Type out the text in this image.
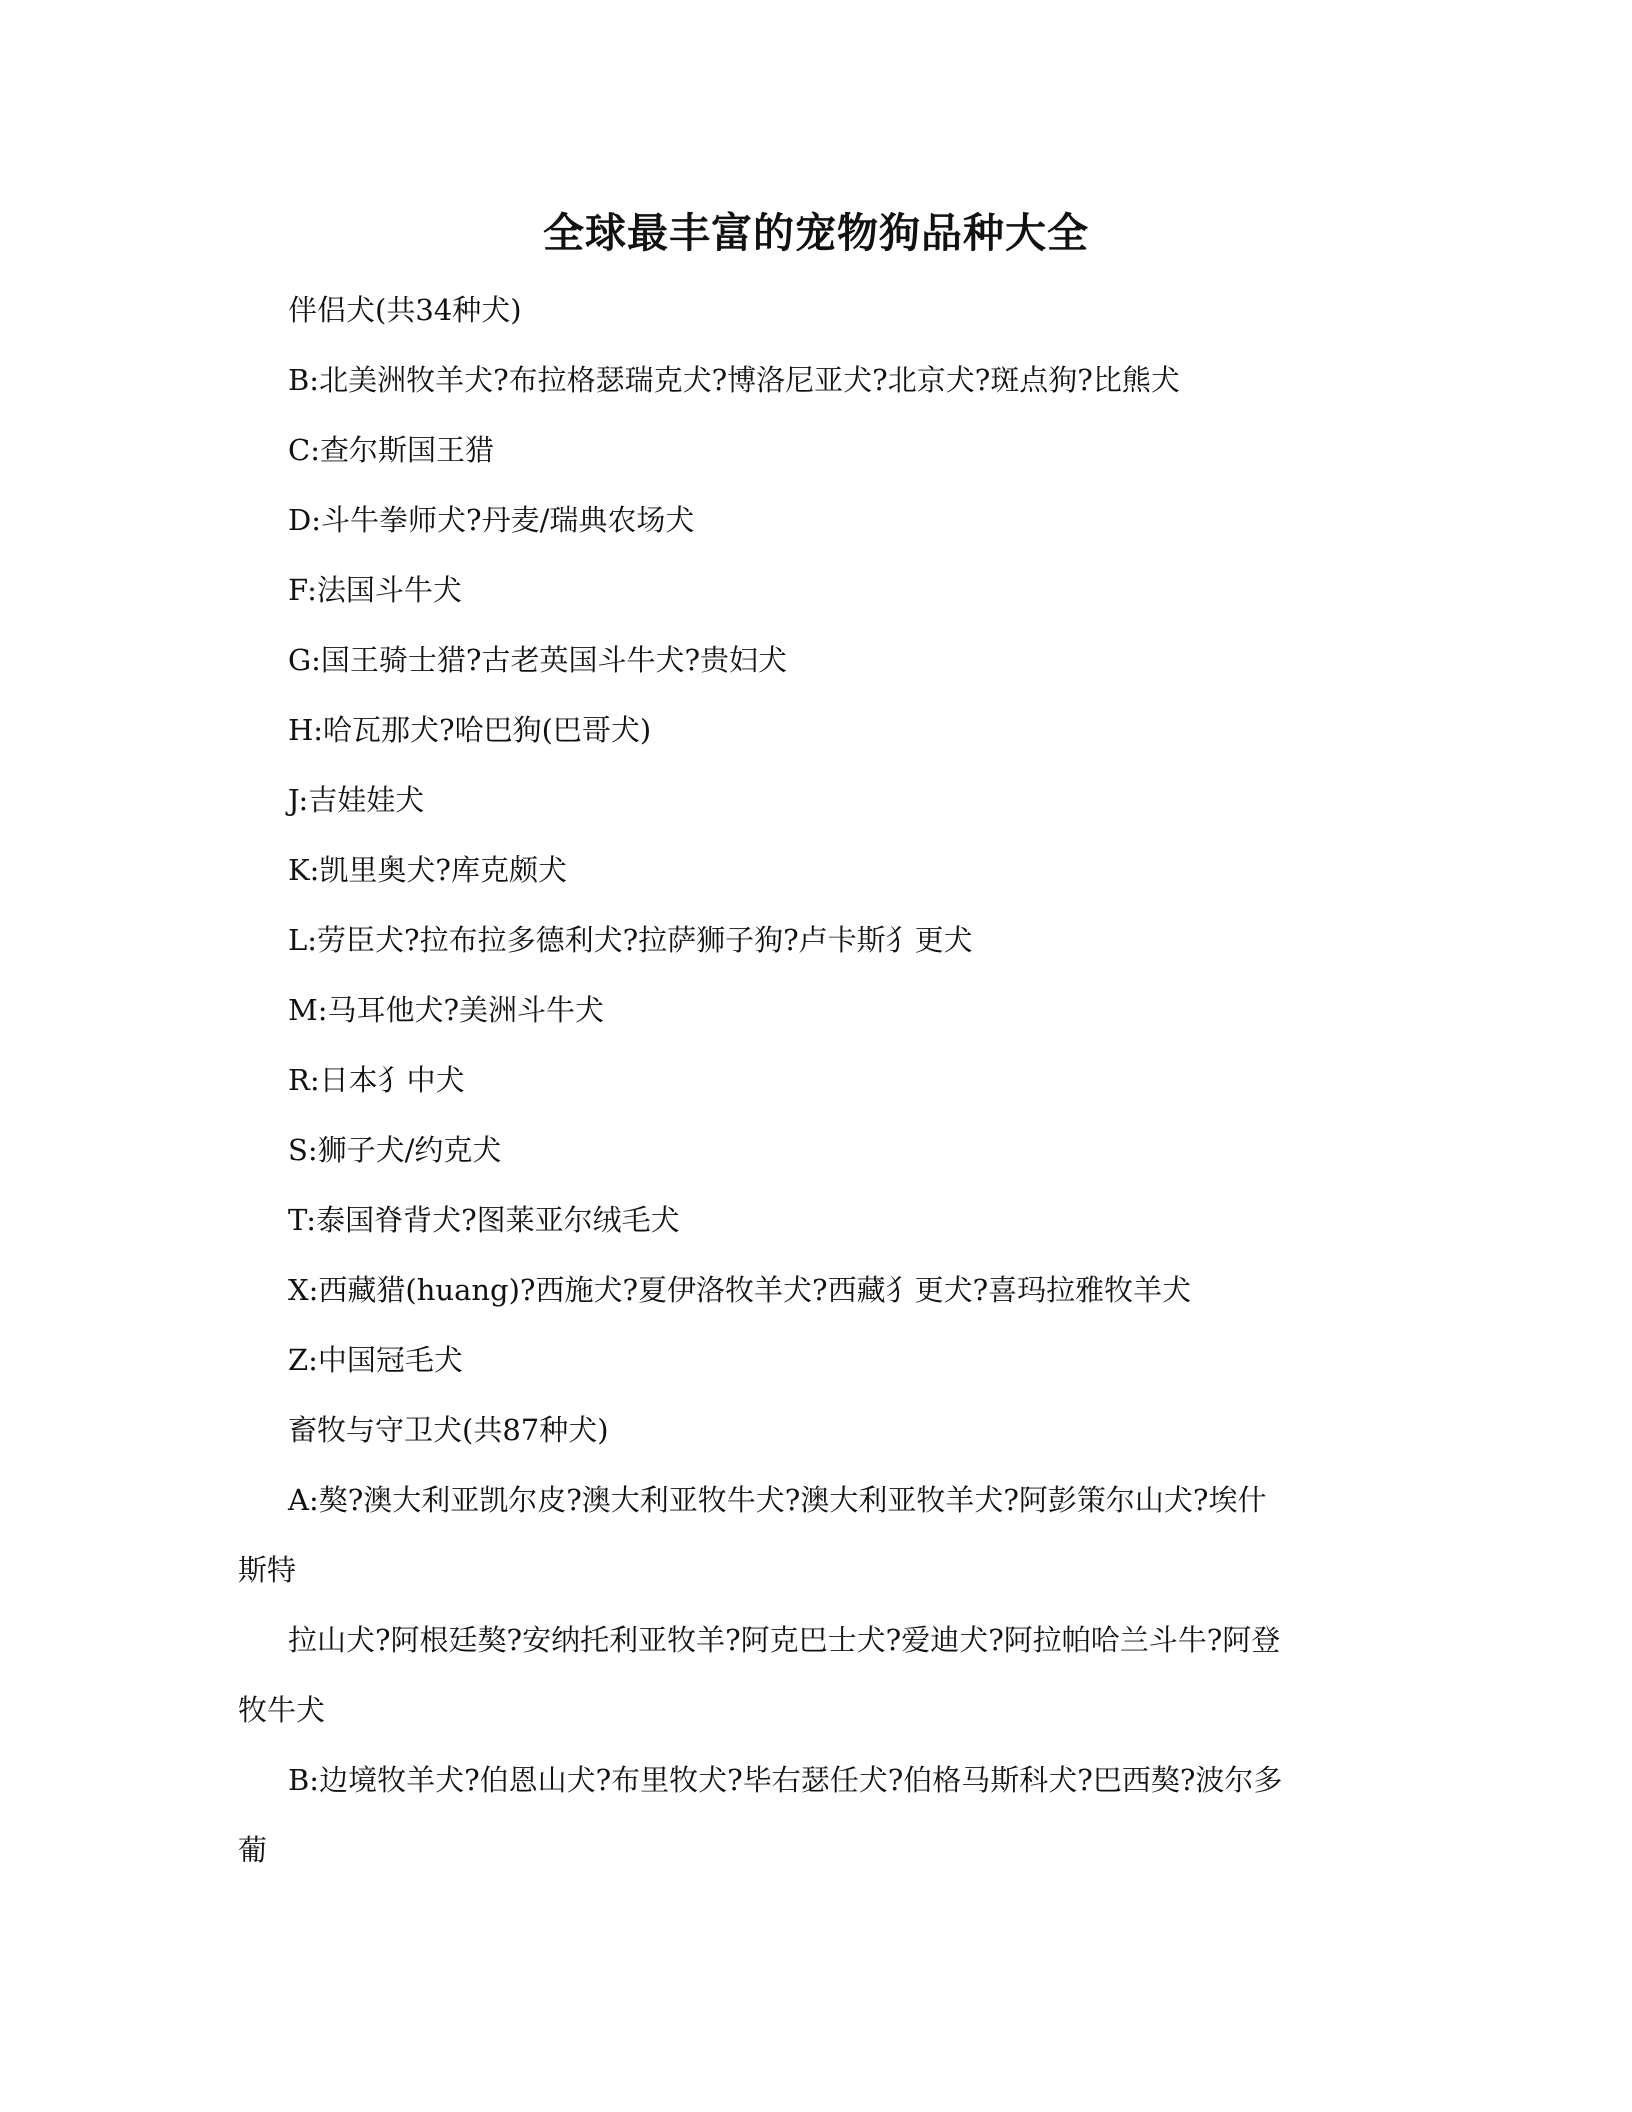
全球最丰富的宠物狗品种大全
伴侣犬(共34种犬)
B:北美洲牧羊犬?布拉格瑟瑞克犬?博洛尼亚犬?北京犬?斑点狗?比熊犬
C:查尔斯国王猎
D:斗牛拳师犬?丹麦/瑞典农场犬
F:法国斗牛犬
G:国王骑士猎?古老英国斗牛犬?贵妇犬
H:哈瓦那犬?哈巴狗(巴哥犬)
J:吉娃娃犬
K:凯里奥犬?库克颇犬
L:劳臣犬?拉布拉多德利犬?拉萨狮子狗?卢卡斯犭更犬
M:马耳他犬?美洲斗牛犬
R:日本犭中犬
S:狮子犬/约克犬
T:泰国脊背犬?图莱亚尔绒毛犬
X:西藏猎(huang)?西施犬?夏伊洛牧羊犬?西藏犭更犬?喜玛拉雅牧羊犬
Z:中国冠毛犬
畜牧与守卫犬(共87种犬)
A:獒?澳大利亚凯尔皮?澳大利亚牧牛犬?澳大利亚牧羊犬?阿彭策尔山犬?埃什
斯特
拉山犬?阿根廷獒?安纳托利亚牧羊?阿克巴士犬?爱迪犬?阿拉帕哈兰斗牛?阿登
牧牛犬
B:边境牧羊犬?伯恩山犬?布里牧犬?毕右瑟任犬?伯格马斯科犬?巴西獒?波尔多
葡
